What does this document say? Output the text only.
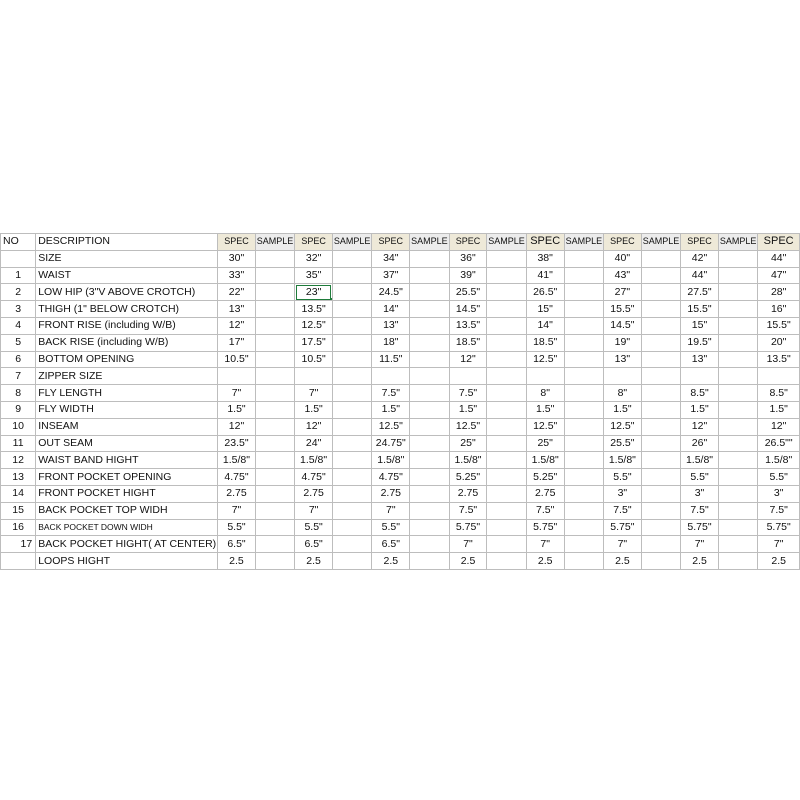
NO	DESCRIPTION	SPEC	SAMPLE	SPEC	SAMPLE	SPEC	SAMPLE	SPEC	SAMPLE	SPEC	SAMPLE	SPEC	SAMPLE	SPEC	SAMPLE	SPEC
	SIZE	30"		32"		34"		36"		38"		40"		42"		44"
1	WAIST	33"		35"		37"		39"		41"		43"		44"		47"
2	LOW HIP (3"V ABOVE CROTCH)	22"		23"		24.5"		25.5"		26.5"		27"		27.5"		28"
3	THIGH (1" BELOW CROTCH)	13"		13.5"		14"		14.5"		15"		15.5"		15.5"		16"
4	FRONT RISE (including W/B)	12"		12.5"		13"		13.5"		14"		14.5"		15"		15.5"
5	BACK RISE (including W/B)	17"		17.5"		18"		18.5"		18.5"		19"		19.5"		20"
6	BOTTOM OPENING	10.5"		10.5"		11.5"		12"		12.5"		13"		13"		13.5"
7	ZIPPER SIZE															
8	FLY LENGTH	7"		7"		7.5"		7.5"		8"		8"		8.5"		8.5"
9	FLY WIDTH	1.5"		1.5"		1.5"		1.5"		1.5"		1.5"		1.5"		1.5"
10	INSEAM	12"		12"		12.5"		12.5"		12.5"		12.5"		12"		12"
11	OUT SEAM	23.5"		24"		24.75"		25"		25"		25.5"		26"		26.5""
12	WAIST BAND HIGHT	1.5/8"		1.5/8"		1.5/8"		1.5/8"		1.5/8"		1.5/8"		1.5/8"		1.5/8"
13	FRONT POCKET OPENING	4.75"		4.75"		4.75"		5.25"		5.25"		5.5"		5.5"		5.5"
14	FRONT POCKET HIGHT	2.75		2.75		2.75		2.75		2.75		3"		3"		3"
15	BACK POCKET TOP WIDH	7"		7"		7"		7.5"		7.5"		7.5"		7.5"		7.5"
16	BACK POCKET DOWN WIDH	5.5"		5.5"		5.5"		5.75"		5.75"		5.75"		5.75"		5.75"
17	BACK POCKET HIGHT( AT CENTER)	6.5"		6.5"		6.5"		7"		7"		7"		7"		7"
	LOOPS HIGHT	2.5		2.5		2.5		2.5		2.5		2.5		2.5		2.5
